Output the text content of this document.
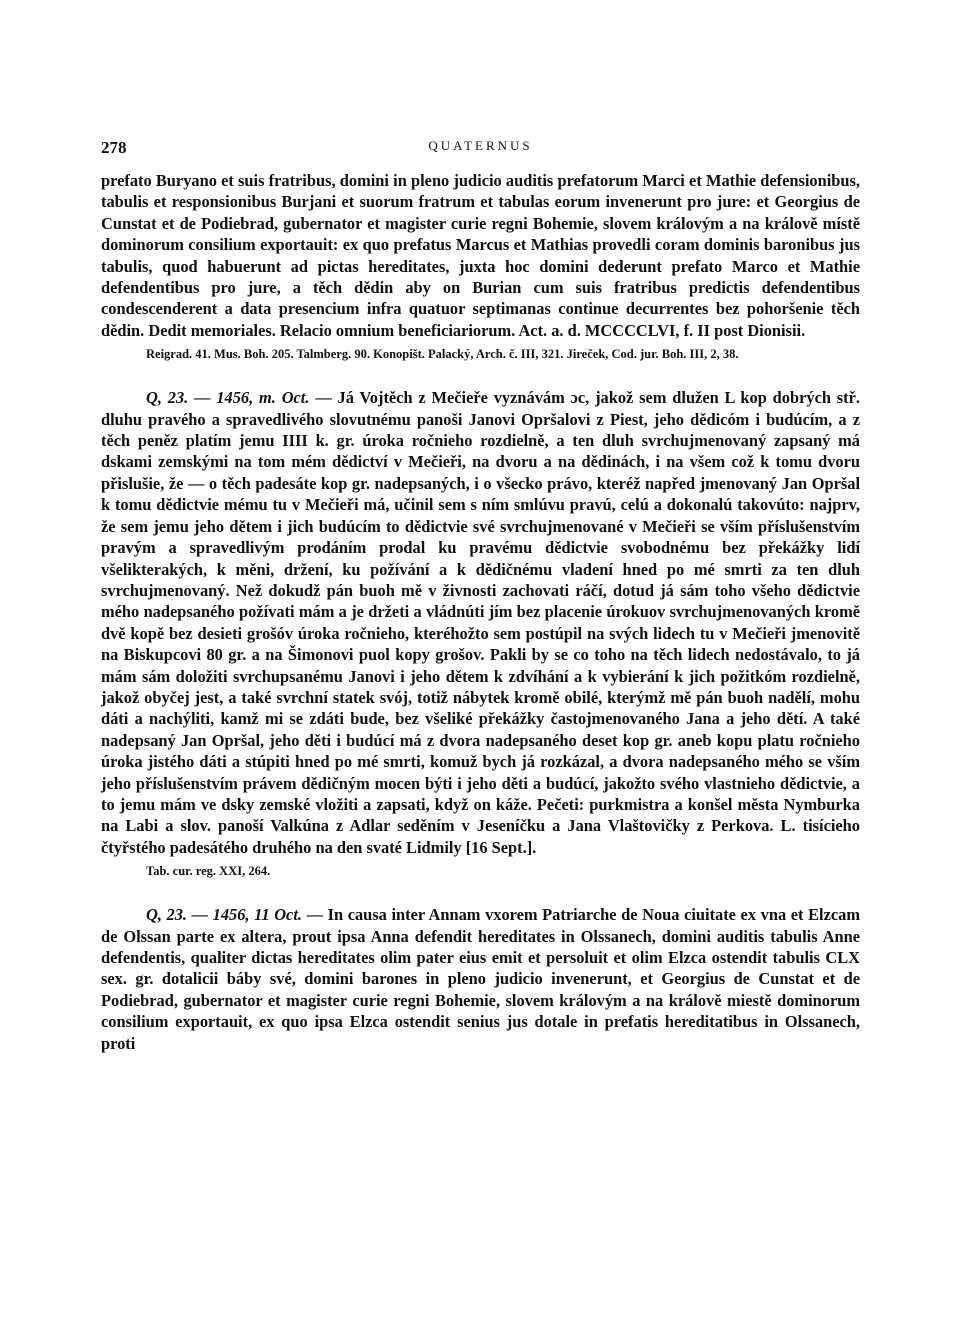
278	QUATERNUS

prefato Buryano et suis fratribus, domini in pleno judicio auditis prefatorum Marci et Mathie defensionibus, tabulis et responsionibus Burjani et suorum fratrum et tabulas eorum invenerunt pro jure: et Georgius de Cunstat et de Podiebrad, gubernator et magister curie regni Bohemie, slovem královým a na králově místě dominorum consilium exportauit: ex quo prefatus Marcus et Mathias provedli coram dominis baronibus jus tabulis, quod habuerunt ad pictas hereditates, juxta hoc domini dederunt prefato Marco et Mathie defendentibus pro jure, a těch dědin aby on Burian cum suis fratribus predictis defendentibus condescenderent a data presencium infra quatuor septimanas continue decurrentes bez pohoršenie těch dědin. Dedit memoriales. Relacio omnium beneficiariorum. Act. a. d. MCCCCLVI, f. II post Dionisii.

Reigrad. 41. Mus. Boh. 205. Talmberg. 90. Konopišt. Palacký, Arch. č. III, 321. Jireček, Cod. jur. Boh. III, 2, 38.

Q, 23. — 1456, m. Oct. — Já Vojtěch z Mečieře vyznávám ɔc, jakož sem dlužen L kop dobrých stř. dluhu pravého a spravedlivého slovutnému panoši Janovi Opršalovi z Piest, jeho dědicóm i budúcím, a z těch peněz platím jemu IIII k. gr. úroka ročnieho rozdielně, a ten dluh svrchujmenovaný zapsaný má dskami zemskými na tom mém dědictví v Mečieři, na dvoru a na dědinách, i na všem což k tomu dvoru přislušie, že — o těch padesáte kop gr. nadepsaných, i o všecko právo, kteréž napřed jmenovaný Jan Opršal k tomu dědictvie mému tu v Mečieři má, učinil sem s ním smlúvu pravú, celú a dokonalú takovúto: najprv, že sem jemu jeho dětem i jich budúcím to dědictvie své svrchujmenované v Mečieři se vším příslušenstvím pravým a spravedlivým prodáním prodal ku pravému dědictvie svobodnému bez překážky lidí všelikterakých, k měni, držení, ku požívání a k dědičnému vladení hned po mé smrti za ten dluh svrchujmenovaný. Než dokudž pán buoh mě v živnosti zachovati ráčí, dotud já sám toho všeho dědictvie mého nadepsaného požívati mám a je držeti a vládnúti jím bez placenie úrokuov svrchujmenovaných kromě dvě kopě bez desieti grošóv úroka ročnieho, kteréhožto sem postúpil na svých lidech tu v Mečieři jmenovitě na Biskupcovi 80 gr. a na Šimonovi puol kopy grošov. Pakli by se co toho na těch lidech nedostávalo, to já mám sám doložiti svrchupsanému Janovi i jeho dětem k zdvíhání a k vybierání k jich požitkóm rozdielně, jakož obyčej jest, a také svrchní statek svój, totiž nábytek kromě obilé, kterýmž mě pán buoh nadělí, mohu dáti a nachýliti, kamž mi se zdáti bude, bez všeliké překážky častojmenovaného Jana a jeho dětí. A také nadepsaný Jan Opršal, jeho děti i budúcí má z dvora nadepsaného deset kop gr. aneb kopu platu ročnieho úroka jistého dáti a stúpiti hned po mé smrti, komuž bych já rozkázal, a dvora nadepsaného mého se vším jeho příslušenstvím právem dědičným mocen býti i jeho děti a budúcí, jakožto svého vlastnieho dědictvie, a to jemu mám ve dsky zemské vložiti a zapsati, když on káže. Pečeti: purkmistra a konšel města Nymburka na Labi a slov. panoší Valkúna z Adlar seděním v Jeseníčku a Jana Vlaštovičky z Perkova. L. tisícieho čtyřstého padesátého druhého na den svaté Lidmily [16 Sept.].

Tab. cur. reg. XXI, 264.

Q, 23. — 1456, 11 Oct. — In causa inter Annam vxorem Patriarche de Noua ciuitate ex vna et Elzcam de Olssan parte ex altera, prout ipsa Anna defendit hereditates in Olssanech, domini auditis tabulis Anne defendentis, qualiter dictas hereditates olim pater eius emit et persoluit et olim Elzca ostendit tabulis CLX sex. gr. dotalicii báby své, domini barones in pleno judicio invenerunt, et Georgius de Cunstat et de Podiebrad, gubernator et magister curie regni Bohemie, slovem královým a na králově miestě dominorum consilium exportauit, ex quo ipsa Elzca ostendit senius jus dotale in prefatis hereditatibus in Olssanech, proti
